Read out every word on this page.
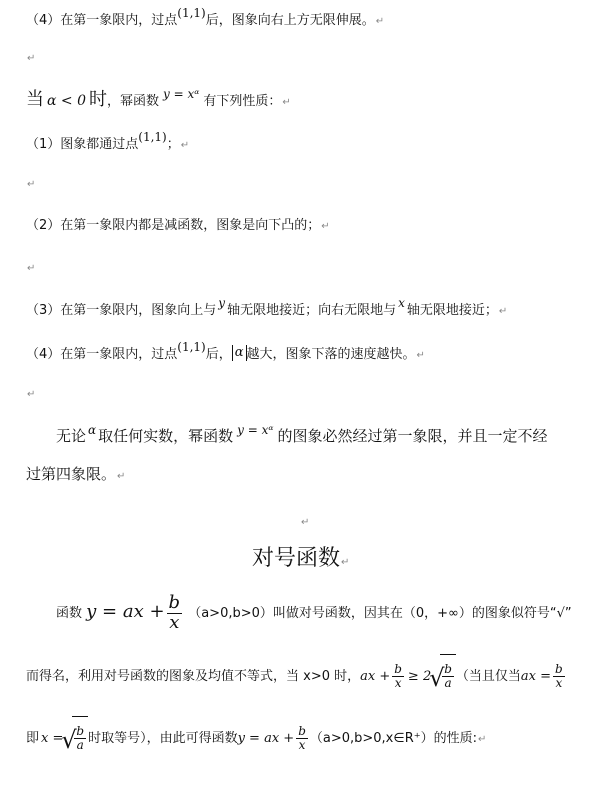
（4）在第一象限内，过点(1,1)后，图象向右上方无限伸展。↵
↵
当 α < 0 时，幂函数 y = xᵅ 有下列性质：↵
（1）图象都通过点(1,1)；↵
↵
（2）在第一象限内都是减函数，图象是向下凸的；↵
↵
（3）在第一象限内，图象向上与 y 轴无限地接近；向右无限地与 x 轴无限地接近；↵
（4）在第一象限内，过点(1,1)后， α 越大，图象下落的速度越快。↵
↵
无论 $^\alpha$ 取任何实数，幂函数 $^{y = xᵅ}$ 的图象必然经过第一象限，并且一定不经
过第四象限。↵
↵
对号函数↵
函数 y = ax + $\frac{b}{x} (a>0,b>0)$叫做对号函数，因其在（0，+∞）的图象似符号“√”
而得名，利用对号函数的图象及均值不等式，当 x>0 时，ax + $\frac{b}{x} \ge 2$ √ $\frac{b}{a}$ （当且仅当ax = $\frac{b}{x}$
即 x = √ $\frac{b}{a}$ 时取等号），由此可得函数y = ax + $\frac{b}{x}$ （a>0,b>0,x∈R⁺）的性质:↵
